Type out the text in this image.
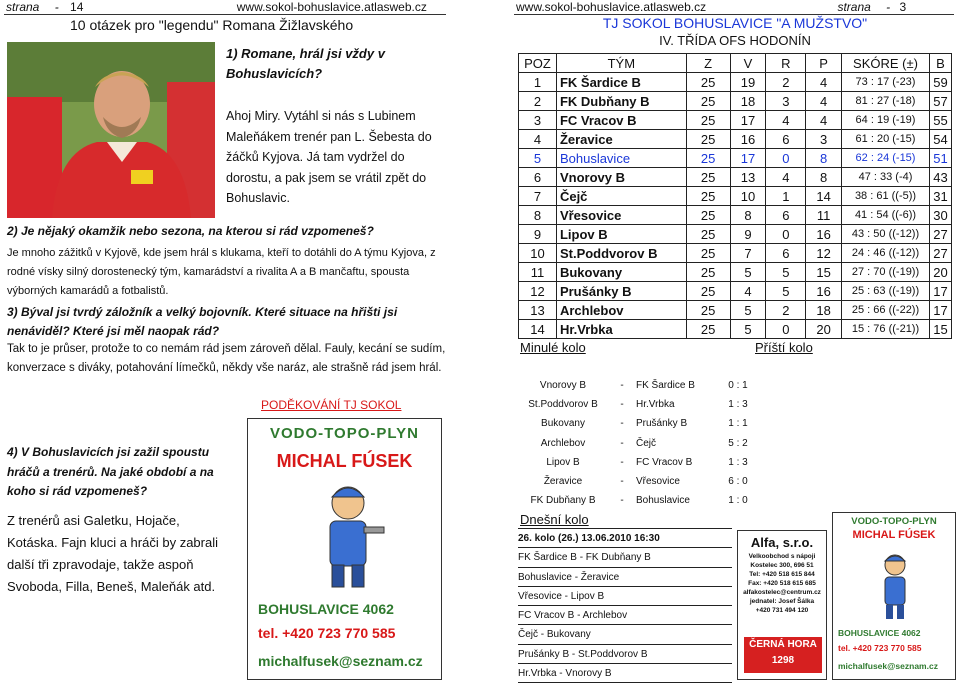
strana - 14	www.sokol-bohuslavice.atlasweb.cz
10 otázek pro "legendu" Romana Žižlavského
1) Romane, hrál jsi vždy v Bohuslavicích?
Ahoj Miry. Vytáhl si nás s Lubinem Maleňákem trenér pan L. Šebesta do žáčků Kyjova. Já tam vydržel do dorostu, a pak jsem se vrátil zpět do Bohuslavic.
2) Je nějaký okamžik nebo sezona, na kterou si rád vzpomeneš?
Je mnoho zážitků v Kyjově, kde jsem hrál s klukama, kteří to dotáhli do A týmu Kyjova, z rodné vísky silný dorostenecký tým, kamarádství a rivalita A a B mančaftu, spousta výborných kamarádů a fotbalistů.
3) Býval jsi tvrdý záložník a velký bojovník. Které situace na hřišti jsi nenáviděl? Které jsi měl naopak rád?
Tak to je průser, protože to co nemám rád jsem zároveň dělal. Fauly, kecání se sudím, konverzace s diváky, potahování límečků, někdy vše naráz, ale strašně rád jsem hrál.
PODĚKOVÁNÍ TJ SOKOL
4) V Bohuslavicích jsi zažil spoustu hráčů a trenérů. Na jaké období a na koho si rád vzpomeneš?
Z trenérů asi Galetku, Hojače, Kotáska. Fajn kluci a hráči by zabrali další tři zpravodaje, takže aspoň Svoboda, Filla, Beneš, Maleňák atd.
VODO-TOPO-PLYN
MICHAL FÚSEK
BOHUSLAVICE 4062
tel. +420 723 770 585
michalfusek@seznam.cz
www.sokol-bohuslavice.atlasweb.cz	strana - 3
TJ SOKOL BOHUSLAVICE "A MUŽSTVO"
IV. TŘÍDA OFS HODONÍN
POZ	TÝM	Z	V	R	P	SKÓRE (±)	B
1	FK Šardice B	25	19	2	4	73 : 17 (-23)	59
2	FK Dubňany B	25	18	3	4	81 : 27 (-18)	57
3	FC Vracov B	25	17	4	4	64 : 19 (-19)	55
4	Žeravice	25	16	6	3	61 : 20 (-15)	54
5	Bohuslavice	25	17	0	8	62 : 24 (-15)	51
6	Vnorovy B	25	13	4	8	47 : 33 (-4)	43
7	Čejč	25	10	1	14	38 : 61 ((-5))	31
8	Vřesovice	25	8	6	11	41 : 54 ((-6))	30
9	Lipov B	25	9	0	16	43 : 50 ((-12))	27
10	St.Poddvorov B	25	7	6	12	24 : 46 ((-12))	27
11	Bukovany	25	5	5	15	27 : 70 ((-19))	20
12	Prušánky B	25	4	5	16	25 : 63 ((-19))	17
13	Archlebov	25	5	2	18	25 : 66 ((-22))	17
14	Hr.Vrbka	25	5	0	20	15 : 76 ((-21))	15
Minulé kolo	Příští kolo
Vnorovy B	-	FK Šardice B	0 : 1
St.Poddvorov B	-	Hr.Vrbka	1 : 3
Bukovany	-	Prušánky B	1 : 1
Archlebov	-	Čejč	5 : 2
Lipov B	-	FC Vracov B	1 : 3
Žeravice	-	Vřesovice	6 : 0
FK Dubňany B	-	Bohuslavice	1 : 0
Dnešní kolo
26. kolo (26.) 13.06.2010 16:30
FK Šardice B - FK Dubňany B
Bohuslavice - Žeravice
Vřesovice - Lipov B
FC Vracov B - Archlebov
Čejč - Bukovany
Prušánky B - St.Poddvorov B
Hr.Vrbka - Vnorovy B
Alfa, s.r.o.
Velkoobchod s nápoji
Kostelec 300, 696 51
Tel: +420 518 615 844
Fax: +420 518 615 685
alfakostelec@centrum.cz
jednatel: Josef Šálka
+420 731 494 120
ČERNÁ HORA
1298
VODO-TOPO-PLYN
MICHAL FÚSEK
BOHUSLAVICE 4062
tel. +420 723 770 585
michalfusek@seznam.cz
